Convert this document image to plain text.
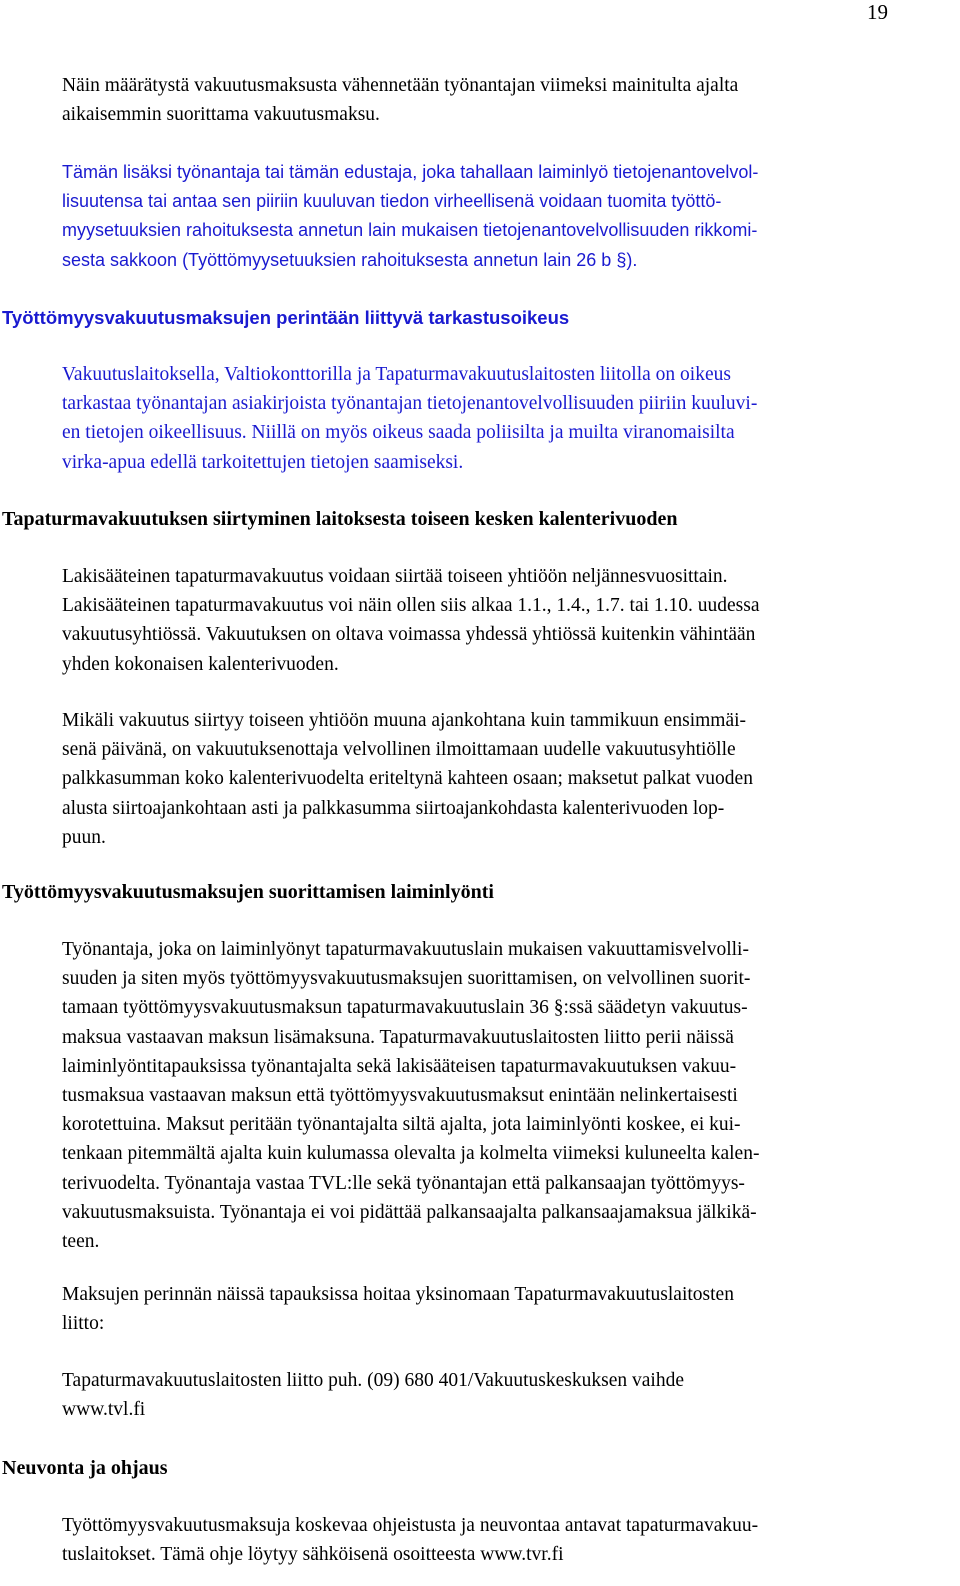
19

Näin määrätystä vakuutusmaksusta vähennetään työnantajan viimeksi mainitulta ajalta
aikaisemmin suorittama vakuutusmaksu.

Tämän lisäksi työnantaja tai tämän edustaja, joka tahallaan laiminlyö tietojenantovelvol-
lisuutensa tai antaa sen piiriin kuuluvan tiedon virheellisenä voidaan tuomita työttö-
myysetuuksien rahoituksesta annetun lain mukaisen tietojenantovelvollisuuden rikkomi-
sesta sakkoon (Työttömyysetuuksien rahoituksesta annetun lain 26 b §).

Työttömyysvakuutusmaksujen perintään liittyvä tarkastusoikeus

Vakuutuslaitoksella, Valtiokonttorilla ja Tapaturmavakuutuslaitosten liitolla on oikeus
tarkastaa työnantajan asiakirjoista työnantajan tietojenantovelvollisuuden piiriin kuuluvi-
en tietojen oikeellisuus. Niillä on myös oikeus saada poliisilta ja muilta viranomaisilta
virka-apua edellä tarkoitettujen tietojen saamiseksi.

Tapaturmavakuutuksen siirtyminen laitoksesta toiseen kesken kalenterivuoden

Lakisääteinen tapaturmavakuutus voidaan siirtää toiseen yhtiöön neljännesvuosittain.
Lakisääteinen tapaturmavakuutus voi näin ollen siis alkaa 1.1., 1.4., 1.7. tai 1.10. uudessa
vakuutusyhtiössä. Vakuutuksen on oltava voimassa yhdessä yhtiössä kuitenkin vähintään
yhden kokonaisen kalenterivuoden.

Mikäli vakuutus siirtyy toiseen yhtiöön muuna ajankohtana kuin tammikuun ensimmäi-
senä päivänä, on vakuutuksenottaja velvollinen ilmoittamaan uudelle vakuutusyhtiölle
palkkasumman koko kalenterivuodelta eriteltynä kahteen osaan; maksetut palkat vuoden
alusta siirtoajankohtaan asti ja palkkasumma siirtoajankohdasta kalenterivuoden lop-
puun.

Työttömyysvakuutusmaksujen suorittamisen laiminlyönti

Työnantaja, joka on laiminlyönyt tapaturmavakuutuslain mukaisen vakuuttamisvelvolli-
suuden ja siten myös työttömyysvakuutusmaksujen suorittamisen, on velvollinen suorit-
tamaan työttömyysvakuutusmaksun tapaturmavakuutuslain 36 §:ssä säädetyn vakuutus-
maksua vastaavan maksun lisämaksuna. Tapaturmavakuutuslaitosten liitto perii näissä
laiminlyöntitapauksissa työnantajalta sekä lakisääteisen tapaturmavakuutuksen vakuu-
tusmaksua vastaavan maksun että työttömyysvakuutusmaksut enintään nelinkertaisesti
korotettuina. Maksut peritään työnantajalta siltä ajalta, jota laiminlyönti koskee, ei kui-
tenkaan pitemmältä ajalta kuin kulumassa olevalta ja kolmelta viimeksi kuluneelta kalen-
terivuodelta. Työnantaja vastaa TVL:lle sekä työnantajan että palkansaajan työttömyys-
vakuutusmaksuista. Työnantaja ei voi pidättää palkansaajalta palkansaajamaksua jälkikä-
teen.

Maksujen perinnän näissä tapauksissa hoitaa yksinomaan Tapaturmavakuutuslaitosten
liitto:

Tapaturmavakuutuslaitosten liitto puh. (09) 680 401/Vakuutuskeskuksen vaihde
www.tvl.fi

Neuvonta ja ohjaus

Työttömyysvakuutusmaksuja koskevaa ohjeistusta ja neuvontaa antavat tapaturmavakuu-
tuslaitokset. Tämä ohje löytyy sähköisenä osoitteesta www.tvr.fi
